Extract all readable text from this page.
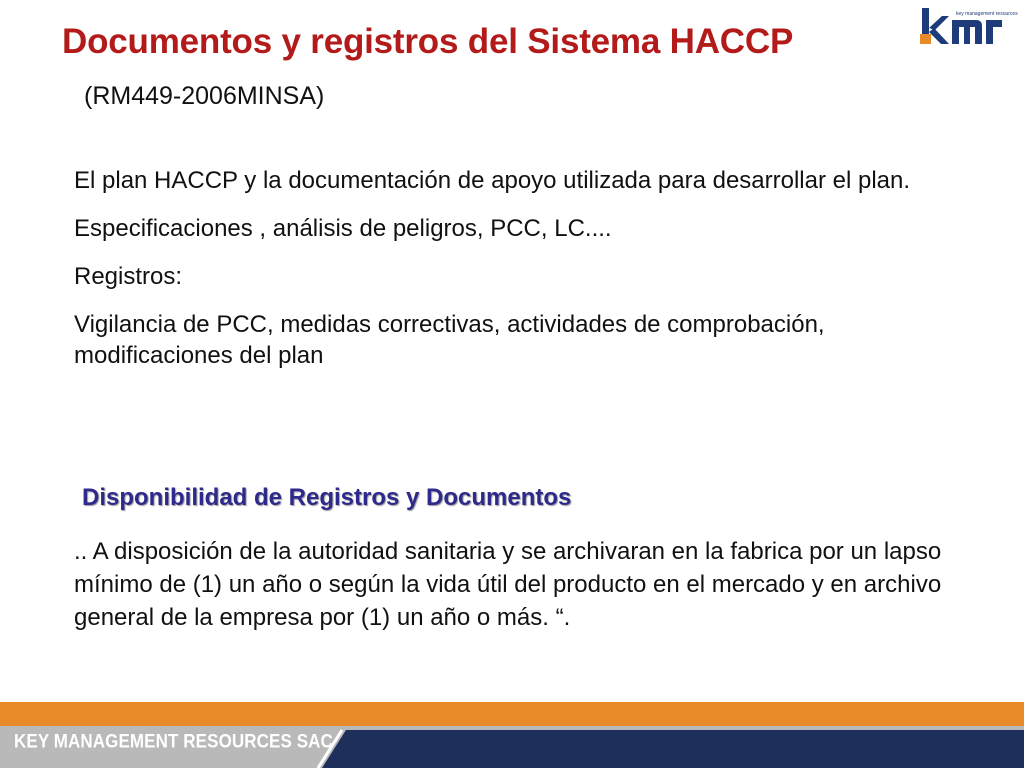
Documentos y registros del Sistema HACCP
(RM449-2006MINSA)
key management resources

El plan HACCP y la documentación de apoyo utilizada para desarrollar el plan.

Especificaciones , análisis de peligros, PCC, LC....

Registros:

Vigilancia de PCC, medidas correctivas, actividades de comprobación, modificaciones del plan

Disponibilidad de Registros y Documentos

.. A disposición de la autoridad sanitaria y se archivaran en la fabrica por un lapso mínimo de (1) un año o según la vida útil del producto en el mercado y en archivo general de la empresa por (1) un año o más. “.

KEY MANAGEMENT RESOURCES SAC
